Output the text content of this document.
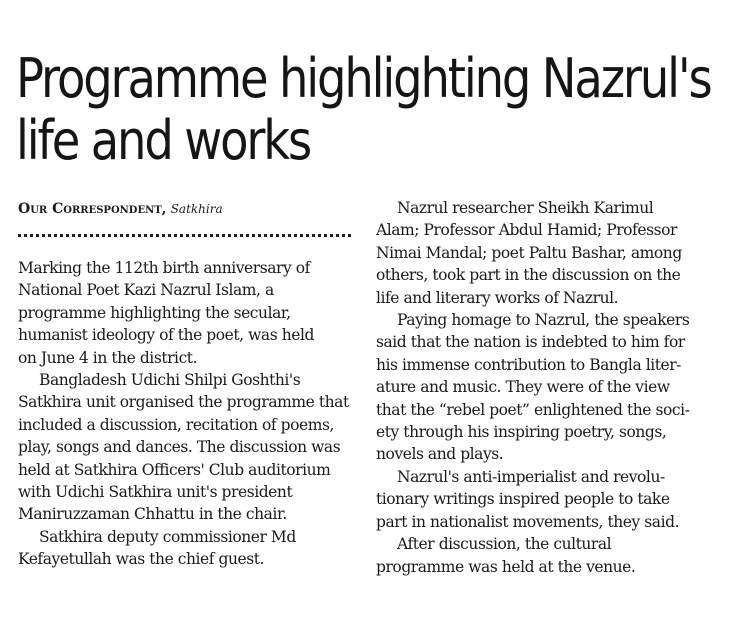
Programme highlighting Nazrul's
life and works
Our Correspondent, Satkhira

Marking the 112th birth anniversary of
National Poet Kazi Nazrul Islam, a
programme highlighting the secular,
humanist ideology of the poet, was held
on June 4 in the district.

Bangladesh Udichi Shilpi Goshthi's
Satkhira unit organised the programme that
included a discussion, recitation of poems,
play, songs and dances. The discussion was
held at Satkhira Officers' Club auditorium
with Udichi Satkhira unit's president
Maniruzzaman Chhattu in the chair.

Satkhira deputy commissioner Md
Kefayetullah was the chief guest.

Nazrul researcher Sheikh Karimul
Alam; Professor Abdul Hamid; Professor
Nimai Mandal; poet Paltu Bashar, among
others, took part in the discussion on the
life and literary works of Nazrul.

Paying homage to Nazrul, the speakers
said that the nation is indebted to him for
his immense contribution to Bangla liter-
ature and music. They were of the view
that the “rebel poet” enlightened the soci-
ety through his inspiring poetry, songs,
novels and plays.

Nazrul's anti-imperialist and revolu-
tionary writings inspired people to take
part in nationalist movements, they said.

After discussion, the cultural
programme was held at the venue.
